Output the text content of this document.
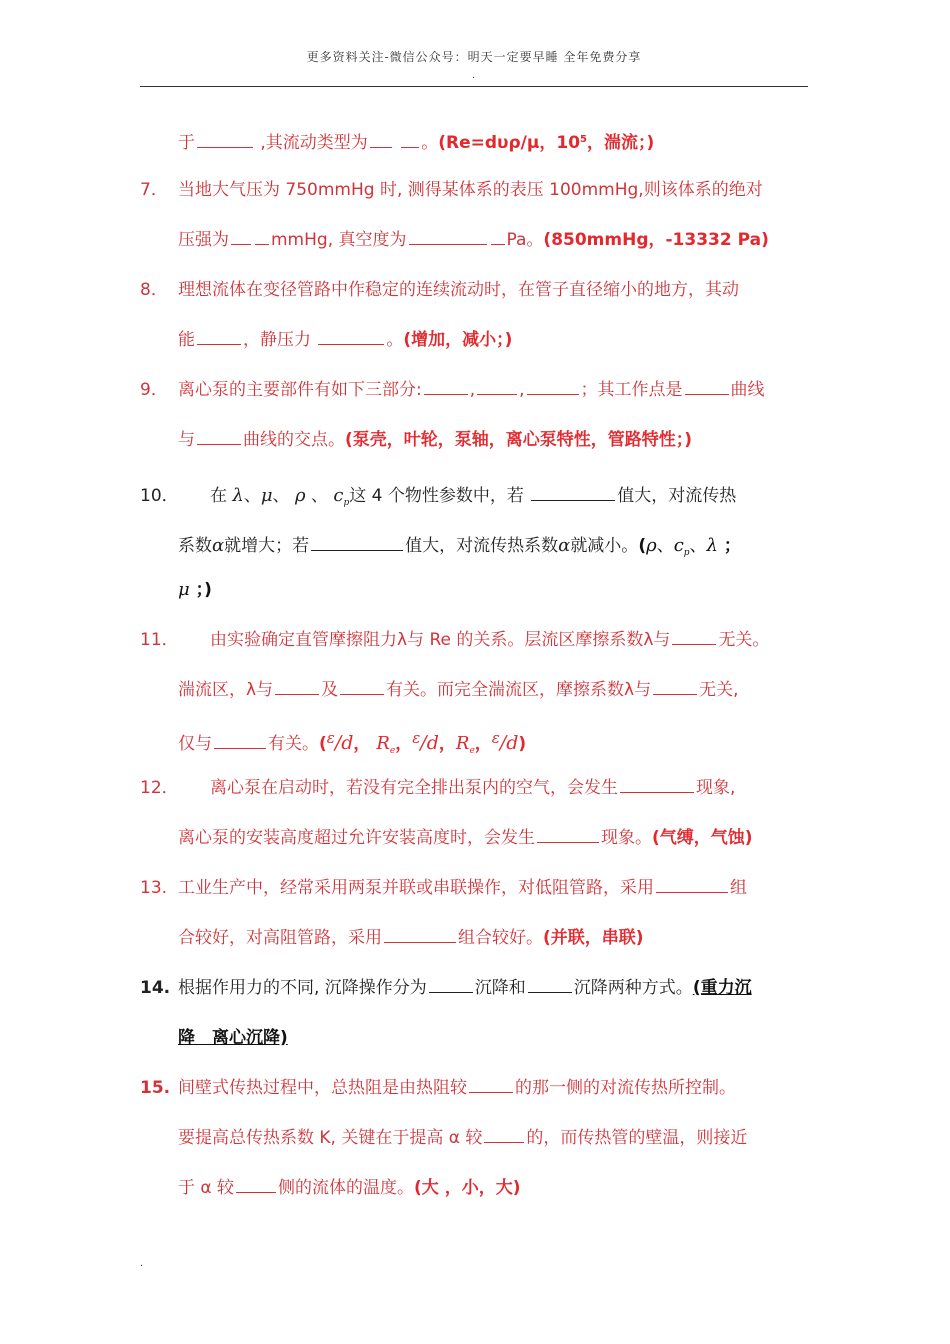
更多资料关注-微信公众号：明天一定要早睡 全年免费分享
.
于	,其流动类型为	。(Re=dυρ/μ，$10^5$，湍流；)
7． 当地大气压为 750mmHg 时, 测得某体系的表压 100mmHg,则该体系的绝对
压强为 mmHg, 真空度为	Pa。(850mmHg，-13332 Pa)
8． 理想流体在变径管路中作稳定的连续流动时，在管子直径缩小的地方，其动
能	，静压力	。(增加，减小；)
9． 离心泵的主要部件有如下三部分:	,	,	；其工作点是	曲线
与	曲线的交点。(泵壳，叶轮，泵轴，离心泵特性，管路特性；)
10． 在 λ、μ、 ρ 、 $c_p$这 4 个物性参数中，若	值大，对流传热
系数α就增大；若	值大，对流传热系数α就减小。(ρ、$c_p$、λ ；
μ ；)
11． 由实验确定直管摩擦阻力λ与 Re 的关系。层流区摩擦系数λ与	无关。
湍流区，λ与	及	有关。而完全湍流区，摩擦系数λ与	无关,
仅与	有关。($^\varepsilon$∕d， $R_e$，$^\varepsilon$∕d，$R_e$，$^\varepsilon$∕d)
12． 离心泵在启动时，若没有完全排出泵内的空气，会发生	现象,
离心泵的安装高度超过允许安装高度时，会发生	现象。(气缚，气蚀)
13. 工业生产中，经常采用两泵并联或串联操作，对低阻管路，采用	组
合较好，对高阻管路，采用	组合较好。(并联，串联)
14. 根据作用力的不同, 沉降操作分为	沉降和	沉降两种方式。(重力沉
降　离心沉降)
15. 间壁式传热过程中，总热阻是由热阻较	的那一侧的对流传热所控制。
要提高总传热系数 K, 关键在于提高 α 较	的，而传热管的壁温，则接近
于 α 较	侧的流体的温度。(大 ，小，大)
.
